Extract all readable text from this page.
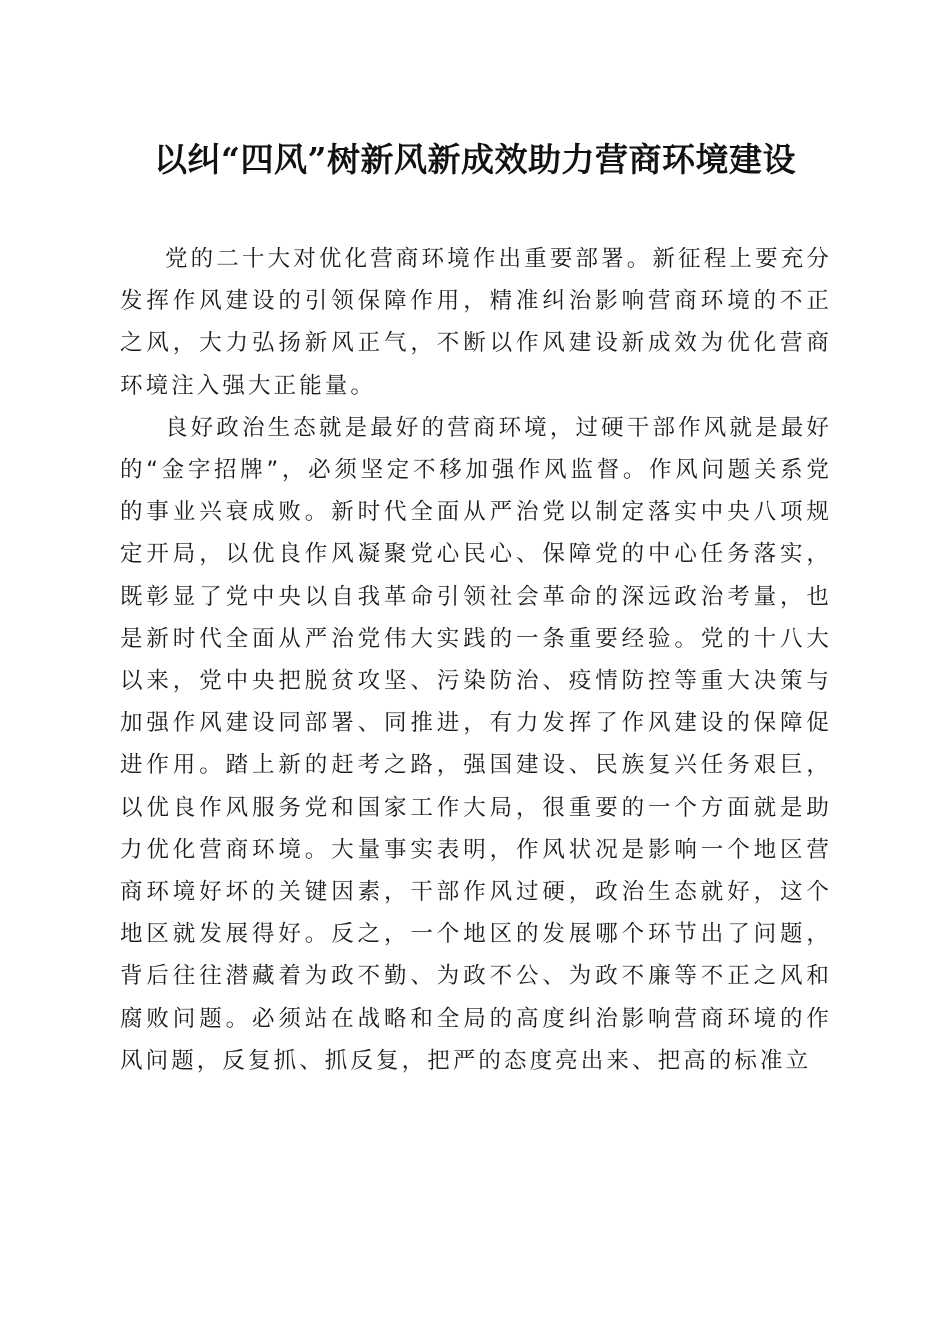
以纠“四风”树新风新成效助力营商环境建设

党的二十大对优化营商环境作出重要部署。新征程上要充分发挥作风建设的引领保障作用，精准纠治影响营商环境的不正之风，大力弘扬新风正气，不断以作风建设新成效为优化营商环境注入强大正能量。

良好政治生态就是最好的营商环境，过硬干部作风就是最好的“金字招牌”，必须坚定不移加强作风监督。作风问题关系党的事业兴衰成败。新时代全面从严治党以制定落实中央八项规定开局，以优良作风凝聚党心民心、保障党的中心任务落实，既彰显了党中央以自我革命引领社会革命的深远政治考量，也是新时代全面从严治党伟大实践的一条重要经验。党的十八大以来，党中央把脱贫攻坚、污染防治、疫情防控等重大决策与加强作风建设同部署、同推进，有力发挥了作风建设的保障促进作用。踏上新的赶考之路，强国建设、民族复兴任务艰巨，以优良作风服务党和国家工作大局，很重要的一个方面就是助力优化营商环境。大量事实表明，作风状况是影响一个地区营商环境好坏的关键因素，干部作风过硬，政治生态就好，这个地区就发展得好。反之，一个地区的发展哪个环节出了问题，背后往往潜藏着为政不勤、为政不公、为政不廉等不正之风和腐败问题。必须站在战略和全局的高度纠治影响营商环境的作风问题，反复抓、抓反复，把严的态度亮出来、把高的标准立
